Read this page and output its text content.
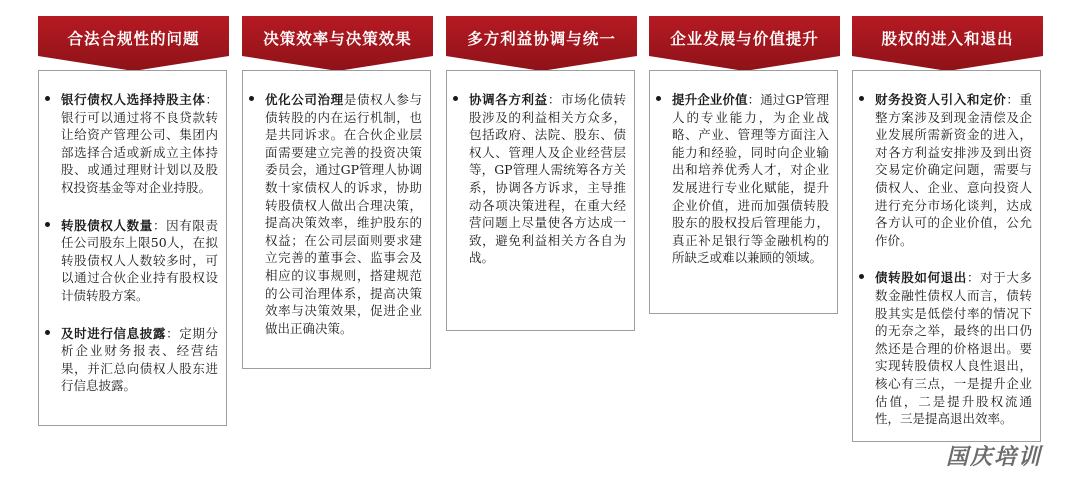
合法合规性的问题
银行债权人选择持股主体：银行可以通过将不良贷款转让给资产管理公司、集团内部选择合适或新成立主体持股、或通过理财计划以及股权投资基金等对企业持股。
转股债权人数量：因有限责任公司股东上限50人，在拟转股债权人人数较多时，可以通过合伙企业持有股权设计债转股方案。
及时进行信息披露：定期分析企业财务报表、经营结果，并汇总向债权人股东进行信息披露。
决策效率与决策效果
优化公司治理是债权人参与债转股的内在运行机制，也是共同诉求。在合伙企业层面需要建立完善的投资决策委员会，通过GP管理人协调数十家债权人的诉求，协助转股债权人做出合理决策，提高决策效率，维护股东的权益；在公司层面则要求建立完善的董事会、监事会及相应的议事规则，搭建规范的公司治理体系，提高决策效率与决策效果，促进企业做出正确决策。
多方利益协调与统一
协调各方利益：市场化债转股涉及的利益相关方众多，包括政府、法院、股东、债权人、管理人及企业经营层等，GP管理人需统筹各方关系，协调各方诉求，主导推动各项决策进程，在重大经营问题上尽量使各方达成一致，避免利益相关方各自为战。
企业发展与价值提升
提升企业价值：通过GP管理人的专业能力，为企业战略、产业、管理等方面注入能力和经验，同时向企业输出和培养优秀人才，对企业发展进行专业化赋能，提升企业价值，进而加强债转股股东的股权投后管理能力，真正补足银行等金融机构的所缺乏或难以兼顾的领域。
股权的进入和退出
财务投资人引入和定价：重整方案涉及到现金清偿及企业发展所需新资金的进入，对各方利益安排涉及到出资交易定价确定问题，需要与债权人、企业、意向投资人进行充分市场化谈判，达成各方认可的企业价值，公允作价。
债转股如何退出：对于大多数金融性债权人而言，债转股其实是低偿付率的情况下的无奈之举，最终的出口仍然还是合理的价格退出。要实现转股债权人良性退出，核心有三点，一是提升企业估值，二是提升股权流通性，三是提高退出效率。
国庆培训
